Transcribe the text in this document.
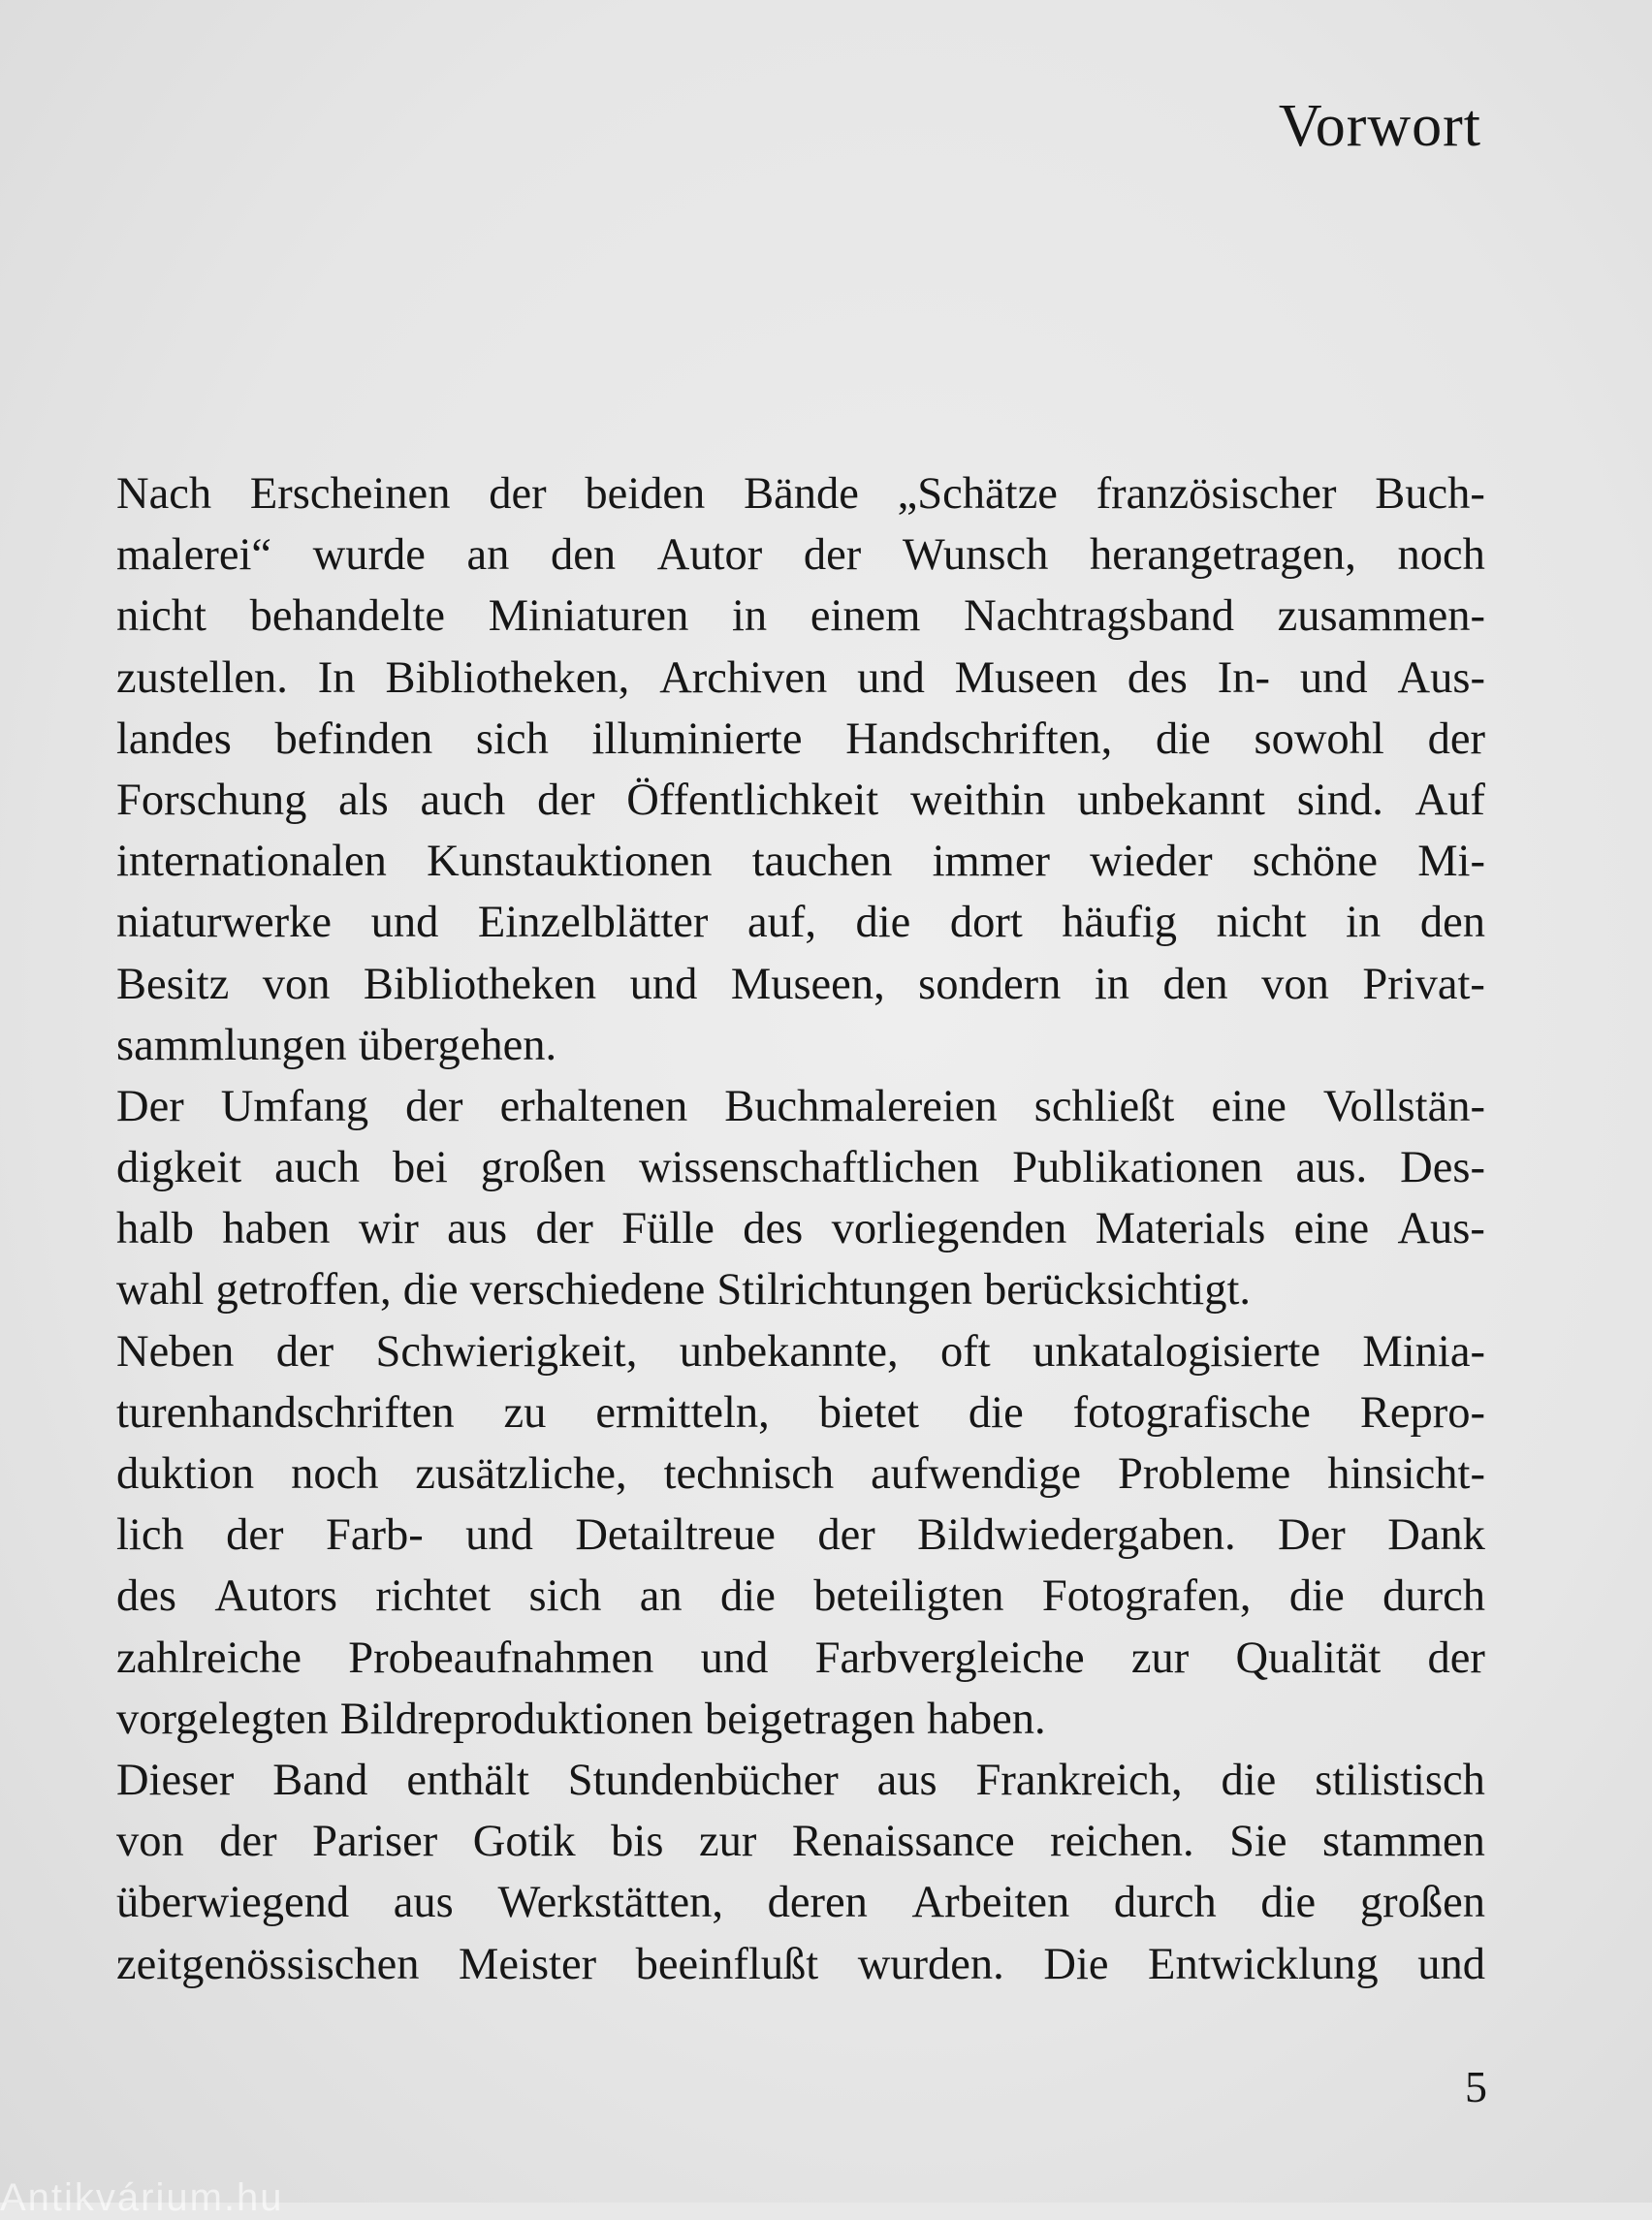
Vorwort
Nach Erscheinen der beiden Bände „Schätze französischer Buch-
malerei“ wurde an den Autor der Wunsch herangetragen, noch
nicht behandelte Miniaturen in einem Nachtragsband zusammen-
zustellen. In Bibliotheken, Archiven und Museen des In- und Aus-
landes befinden sich illuminierte Handschriften, die sowohl der
Forschung als auch der Öffentlichkeit weithin unbekannt sind. Auf
internationalen Kunstauktionen tauchen immer wieder schöne Mi-
niaturwerke und Einzelblätter auf, die dort häufig nicht in den
Besitz von Bibliotheken und Museen, sondern in den von Privat-
sammlungen übergehen.
Der Umfang der erhaltenen Buchmalereien schließt eine Vollstän-
digkeit auch bei großen wissenschaftlichen Publikationen aus. Des-
halb haben wir aus der Fülle des vorliegenden Materials eine Aus-
wahl getroffen, die verschiedene Stilrichtungen berücksichtigt.
Neben der Schwierigkeit, unbekannte, oft unkatalogisierte Minia-
turenhandschriften zu ermitteln, bietet die fotografische Repro-
duktion noch zusätzliche, technisch aufwendige Probleme hinsicht-
lich der Farb- und Detailtreue der Bildwiedergaben. Der Dank
des Autors richtet sich an die beteiligten Fotografen, die durch
zahlreiche Probeaufnahmen und Farbvergleiche zur Qualität der
vorgelegten Bildreproduktionen beigetragen haben.
Dieser Band enthält Stundenbücher aus Frankreich, die stilistisch
von der Pariser Gotik bis zur Renaissance reichen. Sie stammen
überwiegend aus Werkstätten, deren Arbeiten durch die großen
zeitgenössischen Meister beeinflußt wurden. Die Entwicklung und

5

Antikvárium.hu
